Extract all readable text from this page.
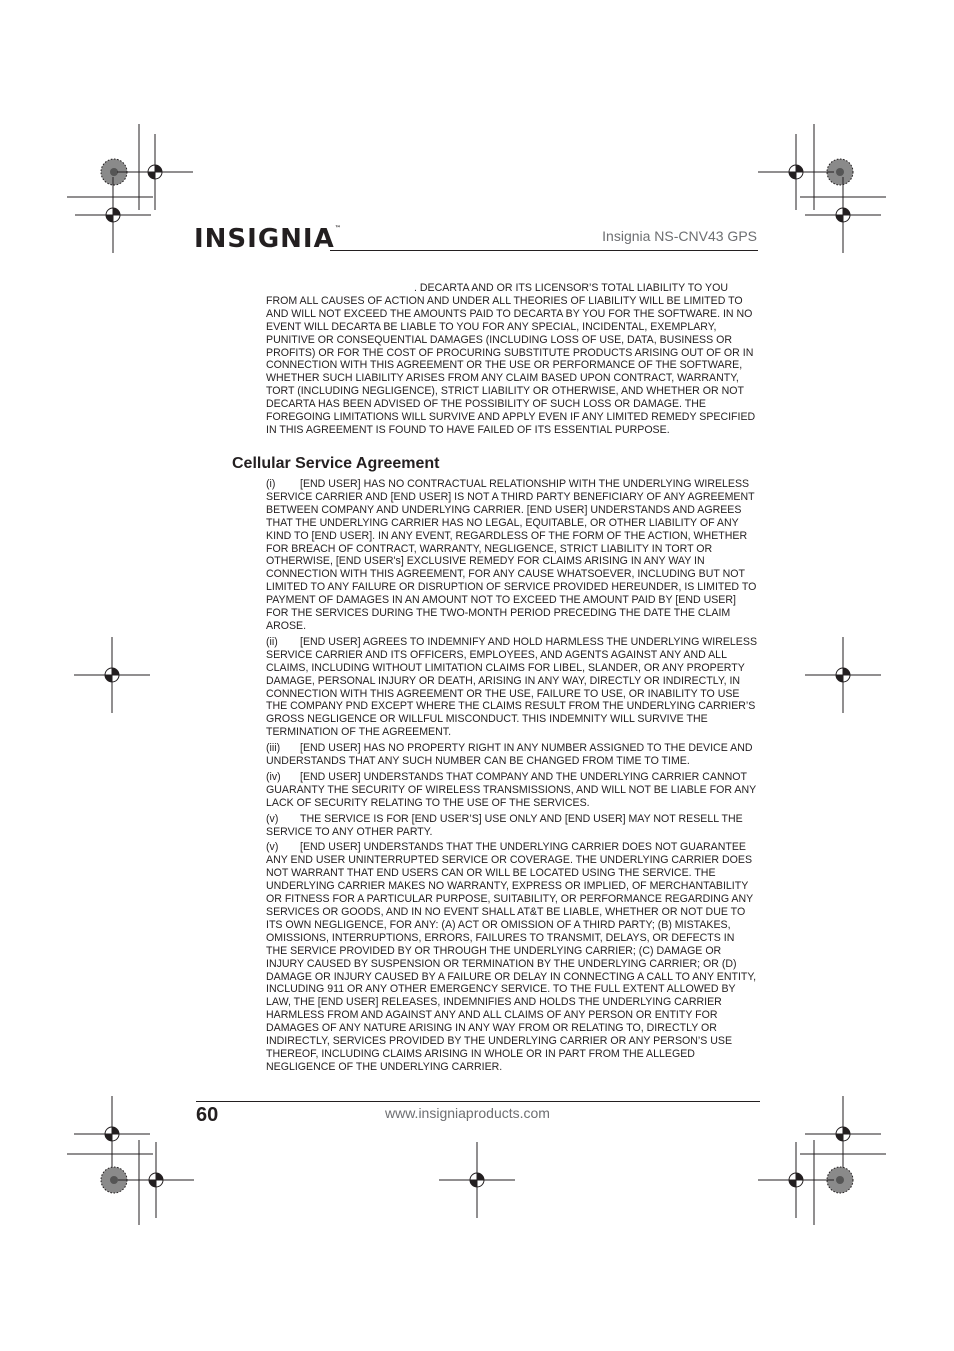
INSIGNIA™	Insignia NS-CNV43 GPS

. DECARTA AND OR ITS LICENSOR’S TOTAL LIABILITY TO YOU

FROM ALL CAUSES OF ACTION AND UNDER ALL THEORIES OF LIABILITY WILL BE LIMITED TO AND WILL NOT EXCEED THE AMOUNTS PAID TO DECARTA BY YOU FOR THE SOFTWARE. IN NO EVENT WILL DECARTA BE LIABLE TO YOU FOR ANY SPECIAL, INCIDENTAL, EXEMPLARY, PUNITIVE OR CONSEQUENTIAL DAMAGES (INCLUDING LOSS OF USE, DATA, BUSINESS OR PROFITS) OR FOR THE COST OF PROCURING SUBSTITUTE PRODUCTS ARISING OUT OF OR IN CONNECTION WITH THIS AGREEMENT OR THE USE OR PERFORMANCE OF THE SOFTWARE, WHETHER SUCH LIABILITY ARISES FROM ANY CLAIM BASED UPON CONTRACT, WARRANTY, TORT (INCLUDING NEGLIGENCE), STRICT LIABILITY OR OTHERWISE, AND WHETHER OR NOT DECARTA HAS BEEN ADVISED OF THE POSSIBILITY OF SUCH LOSS OR DAMAGE. THE FOREGOING LIMITATIONS WILL SURVIVE AND APPLY EVEN IF ANY LIMITED REMEDY SPECIFIED IN THIS AGREEMENT IS FOUND TO HAVE FAILED OF ITS ESSENTIAL PURPOSE.

Cellular Service Agreement

(i) [END USER] HAS NO CONTRACTUAL RELATIONSHIP WITH THE UNDERLYING WIRELESS SERVICE CARRIER AND [END USER] IS NOT A THIRD PARTY BENEFICIARY OF ANY AGREEMENT BETWEEN COMPANY AND UNDERLYING CARRIER. [END USER] UNDERSTANDS AND AGREES THAT THE UNDERLYING CARRIER HAS NO LEGAL, EQUITABLE, OR OTHER LIABILITY OF ANY KIND TO [END USER]. IN ANY EVENT, REGARDLESS OF THE FORM OF THE ACTION, WHETHER FOR BREACH OF CONTRACT, WARRANTY, NEGLIGENCE, STRICT LIABILITY IN TORT OR OTHERWISE, [END USER's] EXCLUSIVE REMEDY FOR CLAIMS ARISING IN ANY WAY IN CONNECTION WITH THIS AGREEMENT, FOR ANY CAUSE WHATSOEVER, INCLUDING BUT NOT LIMITED TO ANY FAILURE OR DISRUPTION OF SERVICE PROVIDED HEREUNDER, IS LIMITED TO PAYMENT OF DAMAGES IN AN AMOUNT NOT TO EXCEED THE AMOUNT PAID BY [END USER] FOR THE SERVICES DURING THE TWO-MONTH PERIOD PRECEDING THE DATE THE CLAIM AROSE.

(ii) [END USER] AGREES TO INDEMNIFY AND HOLD HARMLESS THE UNDERLYING WIRELESS SERVICE CARRIER AND ITS OFFICERS, EMPLOYEES, AND AGENTS AGAINST ANY AND ALL CLAIMS, INCLUDING WITHOUT LIMITATION CLAIMS FOR LIBEL, SLANDER, OR ANY PROPERTY DAMAGE, PERSONAL INJURY OR DEATH, ARISING IN ANY WAY, DIRECTLY OR INDIRECTLY, IN CONNECTION WITH THIS AGREEMENT OR THE USE, FAILURE TO USE, OR INABILITY TO USE THE COMPANY PND EXCEPT WHERE THE CLAIMS RESULT FROM THE UNDERLYING CARRIER’S GROSS NEGLIGENCE OR WILLFUL MISCONDUCT. THIS INDEMNITY WILL SURVIVE THE TERMINATION OF THE AGREEMENT.

(iii) [END USER] HAS NO PROPERTY RIGHT IN ANY NUMBER ASSIGNED TO THE DEVICE AND UNDERSTANDS THAT ANY SUCH NUMBER CAN BE CHANGED FROM TIME TO TIME.

(iv) [END USER] UNDERSTANDS THAT COMPANY AND THE UNDERLYING CARRIER CANNOT GUARANTY THE SECURITY OF WIRELESS TRANSMISSIONS, AND WILL NOT BE LIABLE FOR ANY LACK OF SECURITY RELATING TO THE USE OF THE SERVICES.

(v) THE SERVICE IS FOR [END USER’S] USE ONLY AND [END USER] MAY NOT RESELL THE SERVICE TO ANY OTHER PARTY.

(v) [END USER] UNDERSTANDS THAT THE UNDERLYING CARRIER DOES NOT GUARANTEE ANY END USER UNINTERRUPTED SERVICE OR COVERAGE. THE UNDERLYING CARRIER DOES NOT WARRANT THAT END USERS CAN OR WILL BE LOCATED USING THE SERVICE. THE UNDERLYING CARRIER MAKES NO WARRANTY, EXPRESS OR IMPLIED, OF MERCHANTABILITY OR FITNESS FOR A PARTICULAR PURPOSE, SUITABILITY, OR PERFORMANCE REGARDING ANY SERVICES OR GOODS, AND IN NO EVENT SHALL AT&T BE LIABLE, WHETHER OR NOT DUE TO ITS OWN NEGLIGENCE, FOR ANY: (A) ACT OR OMISSION OF A THIRD PARTY; (B) MISTAKES, OMISSIONS, INTERRUPTIONS, ERRORS, FAILURES TO TRANSMIT, DELAYS, OR DEFECTS IN THE SERVICE PROVIDED BY OR THROUGH THE UNDERLYING CARRIER; (C) DAMAGE OR INJURY CAUSED BY SUSPENSION OR TERMINATION BY THE UNDERLYING CARRIER; OR (D) DAMAGE OR INJURY CAUSED BY A FAILURE OR DELAY IN CONNECTING A CALL TO ANY ENTITY, INCLUDING 911 OR ANY OTHER EMERGENCY SERVICE. TO THE FULL EXTENT ALLOWED BY LAW, THE [END USER] RELEASES, INDEMNIFIES AND HOLDS THE UNDERLYING CARRIER HARMLESS FROM AND AGAINST ANY AND ALL CLAIMS OF ANY PERSON OR ENTITY FOR DAMAGES OF ANY NATURE ARISING IN ANY WAY FROM OR RELATING TO, DIRECTLY OR INDIRECTLY, SERVICES PROVIDED BY THE UNDERLYING CARRIER OR ANY PERSON’S USE THEREOF, INCLUDING CLAIMS ARISING IN WHOLE OR IN PART FROM THE ALLEGED NEGLIGENCE OF THE UNDERLYING CARRIER.

60	www.insigniaproducts.com
